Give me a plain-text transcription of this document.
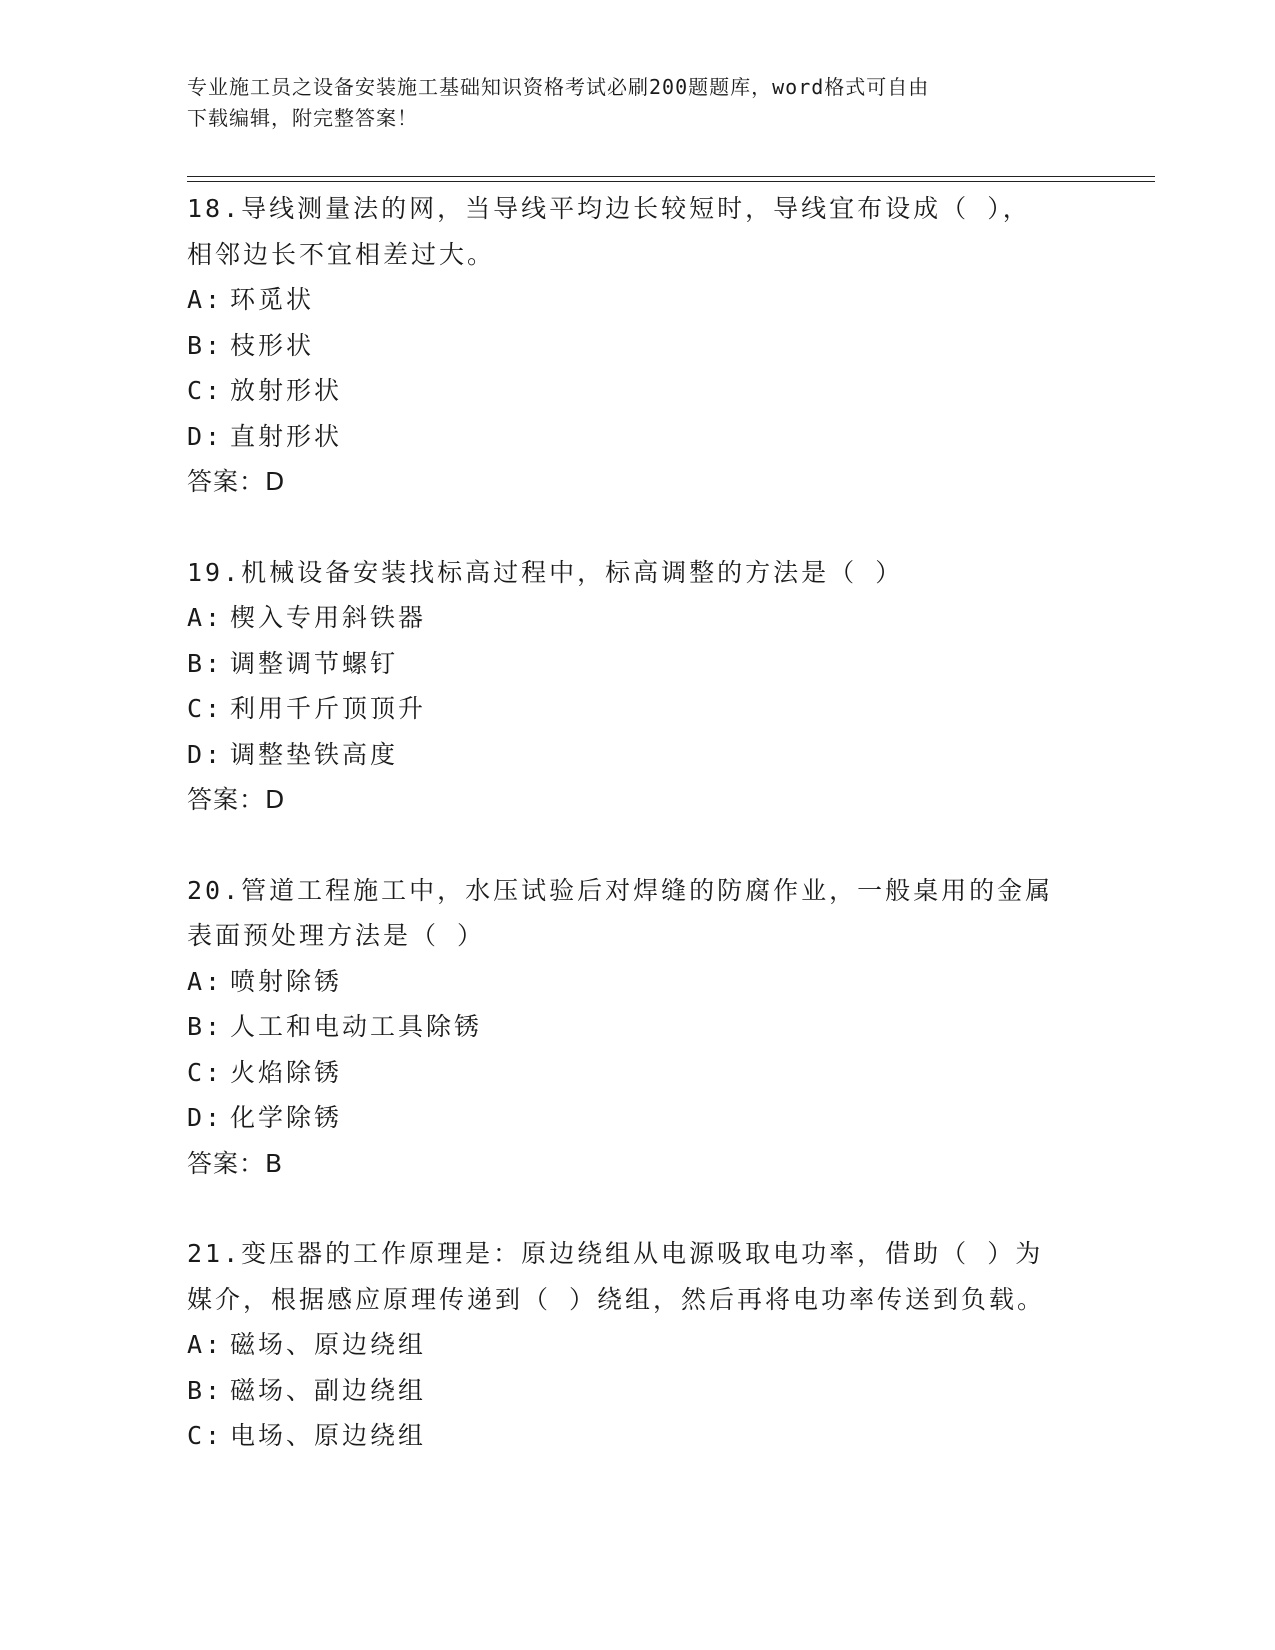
专业施工员之设备安装施工基础知识资格考试必刷200题题库，word格式可自由
下载编辑，附完整答案！

18.导线测量法的网，当导线平均边长较短时，导线宜布设成（ ），

相邻边长不宜相差过大。

A: 环觅状

B: 枝形状

C: 放射形状

D: 直射形状

答案：D

19.机械设备安装找标高过程中，标高调整的方法是（ ）

A: 楔入专用斜铁器

B: 调整调节螺钉

C: 利用千斤顶顶升

D: 调整垫铁高度

答案：D

20.管道工程施工中，水压试验后对焊缝的防腐作业，一般桌用的金属

表面预处理方法是（ ）

A: 喷射除锈

B: 人工和电动工具除锈

C: 火焰除锈

D: 化学除锈

答案：B

21.变压器的工作原理是：原边绕组从电源吸取电功率，借助（ ）为

媒介，根据感应原理传递到（ ）绕组，然后再将电功率传送到负载。

A: 磁场、原边绕组

B: 磁场、副边绕组

C: 电场、原边绕组
